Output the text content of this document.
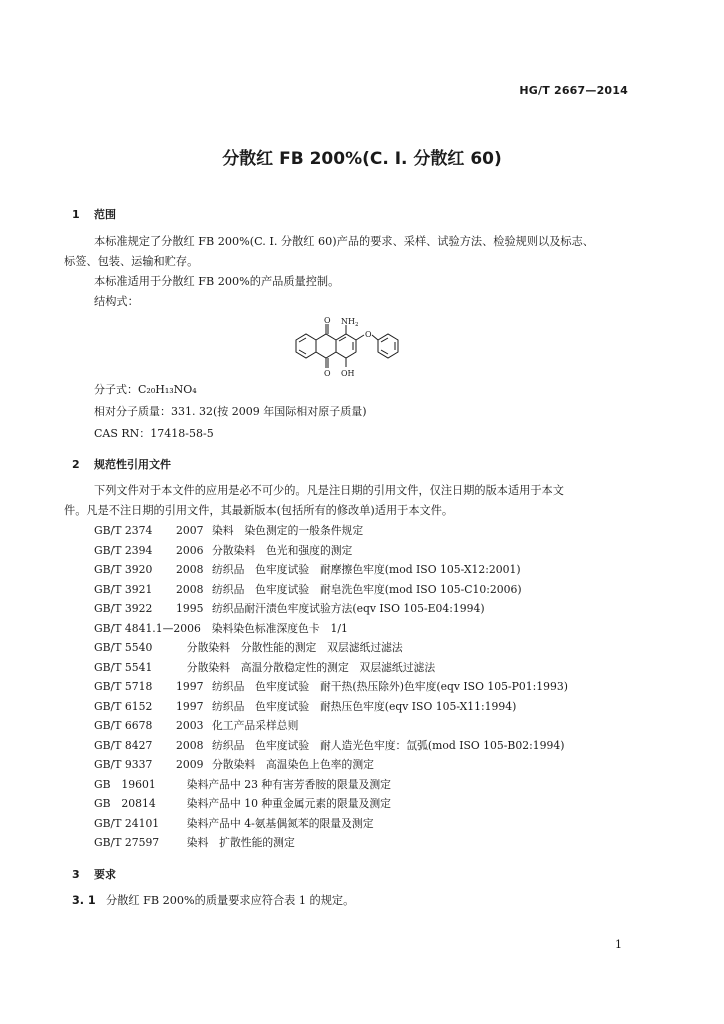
HG/T 2667—2014
分散红 FB 200%(C. I. 分散红 60)
1 范围
本标准规定了分散红 FB 200%(C. I. 分散红 60)产品的要求、采样、试验方法、检验规则以及标志、
标签、包装、运输和贮存。
本标准适用于分散红 FB 200%的产品质量控制。
结构式：
O $NH_2$
O
O OH
分子式：C₂₀H₁₃NO₄
相对分子质量：331. 32(按 2009 年国际相对原子质量)
CAS RN：17418-58-5
2 规范性引用文件
下列文件对于本文件的应用是必不可少的。凡是注日期的引用文件，仅注日期的版本适用于本文
件。凡是不注日期的引用文件，其最新版本(包括所有的修改单)适用于本文件。
GB/T 2374 2007 染料　染色测定的一般条件规定
GB/T 2394 2006 分散染料　色光和强度的测定
GB/T 3920 2008 纺织品　色牢度试验　耐摩擦色牢度(mod ISO 105-X12:2001)
GB/T 3921 2008 纺织品　色牢度试验　耐皂洗色牢度(mod ISO 105-C10:2006)
GB/T 3922 1995 纺织品耐汗渍色牢度试验方法(eqv ISO 105-E04:1994)
GB/T 4841.1—2006  染料染色标准深度色卡　1/1
GB/T 5540 	分散染料　分散性能的测定　双层滤纸过滤法
GB/T 5541 	分散染料　高温分散稳定性的测定　双层滤纸过滤法
GB/T 5718 1997 纺织品　色牢度试验　耐干热(热压除外)色牢度(eqv ISO 105-P01:1993)
GB/T 6152 1997 纺织品　色牢度试验　耐热压色牢度(eqv ISO 105-X11:1994)
GB/T 6678 2003 化工产品采样总则
GB/T 8427 2008 纺织品　色牢度试验　耐人造光色牢度：氙弧(mod ISO 105-B02:1994)
GB/T 9337 2009 分散染料　高温染色上色率的测定
GB　19601 	染料产品中 23 种有害芳香胺的限量及测定
GB　20814 	染料产品中 10 种重金属元素的限量及测定
GB/T 24101 	染料产品中 4-氨基偶氮苯的限量及测定
GB/T 27597 	染料　扩散性能的测定
3 要求
3. 1 分散红 FB 200%的质量要求应符合表 1 的规定。
1
